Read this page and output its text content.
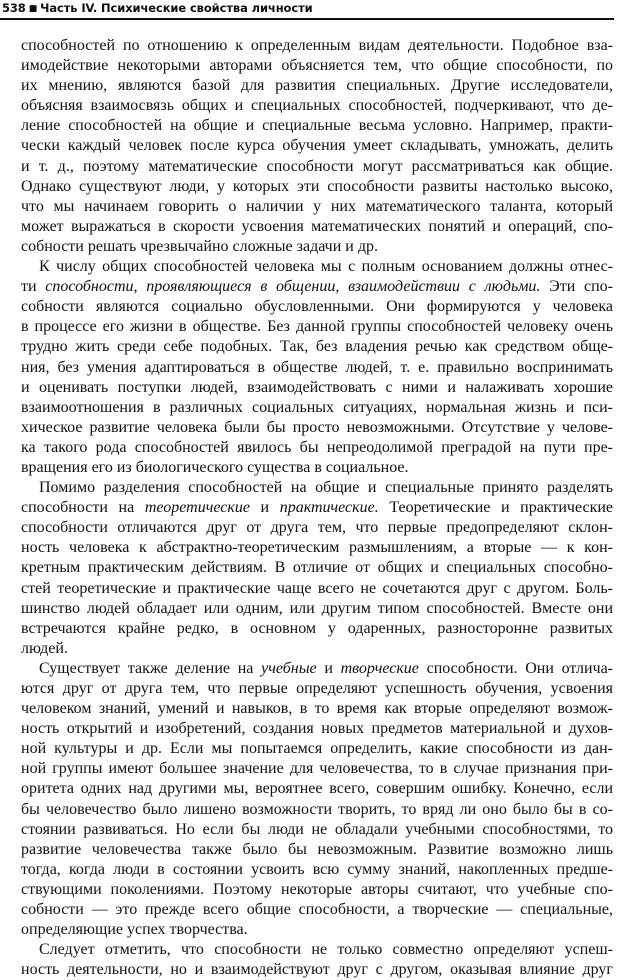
538 ■ Часть IV. Психические свойства личности
способностей по отношению к определенным видам деятельности. Подобное вза-
имодействие некоторыми авторами объясняется тем, что общие способности, по
их мнению, являются базой для развития специальных. Другие исследователи,
объясняя взаимосвязь общих и специальных способностей, подчеркивают, что де-
ление способностей на общие и специальные весьма условно. Например, практи-
чески каждый человек после курса обучения умеет складывать, умножать, делить
и т. д., поэтому математические способности могут рассматриваться как общие.
Однако существуют люди, у которых эти способности развиты настолько высоко,
что мы начинаем говорить о наличии у них математического таланта, который
может выражаться в скорости усвоения математических понятий и операций, спо-
собности решать чрезвычайно сложные задачи и др.
К числу общих способностей человека мы с полным основанием должны отнес-
ти способности, проявляющиеся в общении, взаимодействии с людьми. Эти спо-
собности являются социально обусловленными. Они формируются у человека
в процессе его жизни в обществе. Без данной группы способностей человеку очень
трудно жить среди себе подобных. Так, без владения речью как средством обще-
ния, без умения адаптироваться в обществе людей, т. е. правильно воспринимать
и оценивать поступки людей, взаимодействовать с ними и налаживать хорошие
взаимоотношения в различных социальных ситуациях, нормальная жизнь и пси-
хическое развитие человека были бы просто невозможными. Отсутствие у челове-
ка такого рода способностей явилось бы непреодолимой преградой на пути пре-
вращения его из биологического существа в социальное.
Помимо разделения способностей на общие и специальные принято разделять
способности на теоретические и практические. Теоретические и практические
способности отличаются друг от друга тем, что первые предопределяют склон-
ность человека к абстрактно-теоретическим размышлениям, а вторые — к кон-
кретным практическим действиям. В отличие от общих и специальных способно-
стей теоретические и практические чаще всего не сочетаются друг с другом. Боль-
шинство людей обладает или одним, или другим типом способностей. Вместе они
встречаются крайне редко, в основном у одаренных, разносторонне развитых
людей.
Существует также деление на учебные и творческие способности. Они отлича-
ются друг от друга тем, что первые определяют успешность обучения, усвоения
человеком знаний, умений и навыков, в то время как вторые определяют возмож-
ность открытий и изобретений, создания новых предметов материальной и духов-
ной культуры и др. Если мы попытаемся определить, какие способности из дан-
ной группы имеют большее значение для человечества, то в случае признания при-
оритета одних над другими мы, вероятнее всего, совершим ошибку. Конечно, если
бы человечество было лишено возможности творить, то вряд ли оно было бы в со-
стоянии развиваться. Но если бы люди не обладали учебными способностями, то
развитие человечества также было бы невозможным. Развитие возможно лишь
тогда, когда люди в состоянии усвоить всю сумму знаний, накопленных предше-
ствующими поколениями. Поэтому некоторые авторы считают, что учебные спо-
собности — это прежде всего общие способности, а творческие — специальные,
определяющие успех творчества.
Следует отметить, что способности не только совместно определяют успеш-
ность деятельности, но и взаимодействуют друг с другом, оказывая влияние друг
